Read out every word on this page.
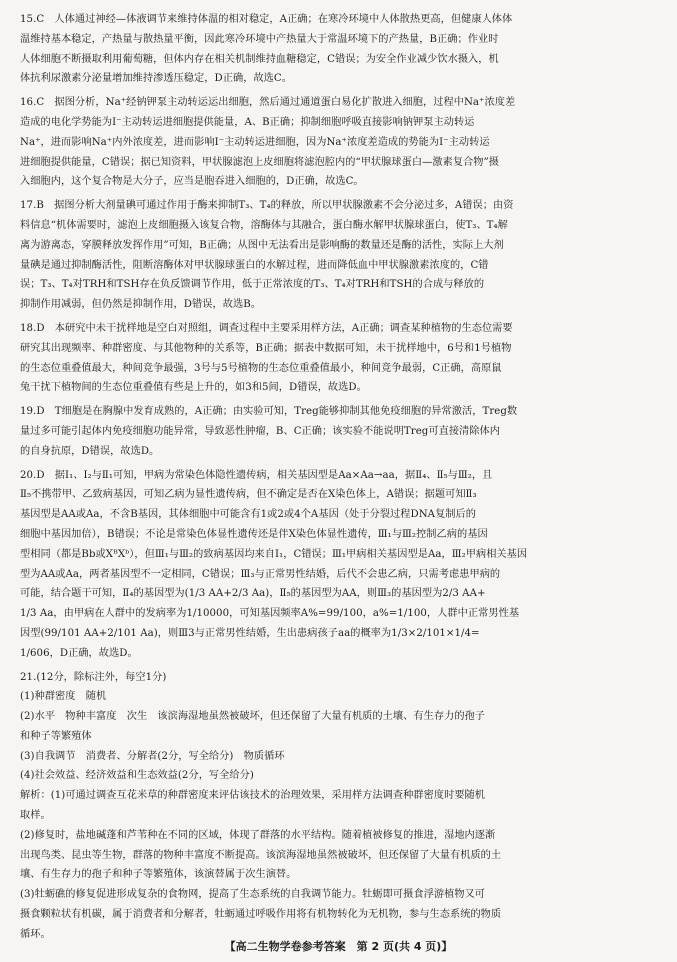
15.C　人体通过神经—体液调节来维持体温的相对稳定，A正确；在寒冷环境中人体散热更高，但健康人体体
温维持基本稳定，产热量与散热量平衡，因此寒冷环境中产热量大于常温环境下的产热量，B正确；作业时
人体细胞不断摄取利用葡萄糖，但体内存在相关机制维持血糖稳定，C错误；为安全作业减少饮水摄入，机
体抗利尿激素分泌量增加维持渗透压稳定，D正确，故选C。
16.C　据图分析，Na⁺经钠钾泵主动转运运出细胞，然后通过通道蛋白易化扩散进入细胞，过程中Na⁺浓度差
造成的电化学势能为I⁻主动转运进细胞提供能量，A、B正确；抑制细胞呼吸直接影响钠钾泵主动转运
Na⁺，进而影响Na⁺内外浓度差，进而影响I⁻主动转运进细胞，因为Na⁺浓度差造成的势能为I⁻主动转运
进细胞提供能量，C错误；据已知资料，甲状腺滤泡上皮细胞将滤泡腔内的“甲状腺球蛋白—激素复合物”摄
入细胞内，这个复合物是大分子，应当是胞吞进入细胞的，D正确，故选C。
17.B　据图分析大剂量碘可通过作用于酶来抑制T₃、T₄的释放，所以甲状腺激素不会分泌过多，A错误；由资
料信息“机体需要时，滤泡上皮细胞摄入该复合物，溶酶体与其融合，蛋白酶水解甲状腺球蛋白，使T₃、T₄解
离为游离态，穿膜释放发挥作用”可知，B正确；从图中无法看出是影响酶的数量还是酶的活性，实际上大剂
量碘是通过抑制酶活性，阻断溶酶体对甲状腺球蛋白的水解过程，进而降低血中甲状腺激素浓度的，C错
误；T₃、T₄对TRH和TSH存在负反馈调节作用，低于正常浓度的T₃、T₄对TRH和TSH的合成与释放的
抑制作用减弱，但仍然是抑制作用，D错误，故选B。
18.D　本研究中未干扰样地是空白对照组，调查过程中主要采用样方法，A正确；调查某种植物的生态位需要
研究其出现频率、种群密度、与其他物种的关系等，B正确；据表中数据可知，未干扰样地中，6号和1号植物
的生态位重叠值最大，种间竞争最强，3号与5号植物的生态位重叠值最小，种间竞争最弱，C正确，高原鼠
兔干扰下植物间的生态位重叠值有些是上升的，如3和5间，D错误，故选D。
19.D　T细胞是在胸腺中发育成熟的，A正确；由实验可知，Treg能够抑制其他免疫细胞的异常激活，Treg数
量过多可能引起体内免疫细胞功能异常，导致恶性肿瘤，B、C正确；该实验不能说明Treg可直接清除体内
的自身抗原，D错误，故选D。
20.D　据Ⅰ₁、Ⅰ₂与Ⅱ₁可知，甲病为常染色体隐性遗传病，相关基因型是Aa×Aa→aa，据Ⅱ₄、Ⅱ₅与Ⅲ₂，且
Ⅱ₅不携带甲、乙致病基因，可知乙病为显性遗传病，但不确定是否在X染色体上，A错误；据题可知Ⅱ₃
基因型是AA或Aa，不含B基因，其体细胞中可能含有1或2或4个A基因（处于分裂过程DNA复制后的
细胞中基因加倍），B错误；不论是常染色体显性遗传还是伴X染色体显性遗传，Ⅲ₁与Ⅲ₂控制乙病的基因
型相同（都是Bb或XᴮXᵇ），但Ⅲ₁与Ⅲ₂的致病基因均来自Ⅰ₁，C错误；Ⅲ₁甲病相关基因型是Aa，Ⅲ₂甲病相关基因
型为AA或Aa，两者基因型不一定相同，C错误；Ⅲ₃与正常男性结婚，后代不会患乙病，只需考虑患甲病的
可能，结合题干可知，Ⅱ₄的基因型为(1/3 AA+2/3 Aa)，Ⅱ₅的基因型为AA，则Ⅲ₃的基因型为2/3 AA+
1/3 Aa，由甲病在人群中的发病率为1/10000，可知基因频率A%=99/100，a%=1/100，人群中正常男性基
因型(99/101 AA+2/101 Aa)，则Ⅲ3与正常男性结婚，生出患病孩子aa的概率为1/3×2/101×1/4=
1/606，D正确，故选D。
21.(12分，除标注外，每空1分)
(1)种群密度　随机
(2)水平　物种丰富度　次生　该滨海湿地虽然被破坏，但还保留了大量有机质的土壤、有生存力的孢子
和种子等繁殖体
(3)自我调节　消费者、分解者(2分，写全给分)　物质循环
(4)社会效益、经济效益和生态效益(2分，写全给分)
解析：(1)可通过调查互花米草的种群密度来评估该技术的治理效果，采用样方法调查种群密度时要随机
取样。
(2)修复时，盐地碱蓬和芦苇种在不同的区域，体现了群落的水平结构。随着植被修复的推进，湿地内逐渐
出现鸟类、昆虫等生物，群落的物种丰富度不断提高。该滨海湿地虽然被破坏，但还保留了大量有机质的土
壤、有生存力的孢子和种子等繁殖体，该演替属于次生演替。
(3)牡蛎礁的修复促进形成复杂的食物网，提高了生态系统的自我调节能力。牡蛎即可摄食浮游植物又可
摄食颗粒状有机碳，属于消费者和分解者，牡蛎通过呼吸作用将有机物转化为无机物，参与生态系统的物质
循环。
【高二生物学卷参考答案　第 2 页(共 4 页)】
